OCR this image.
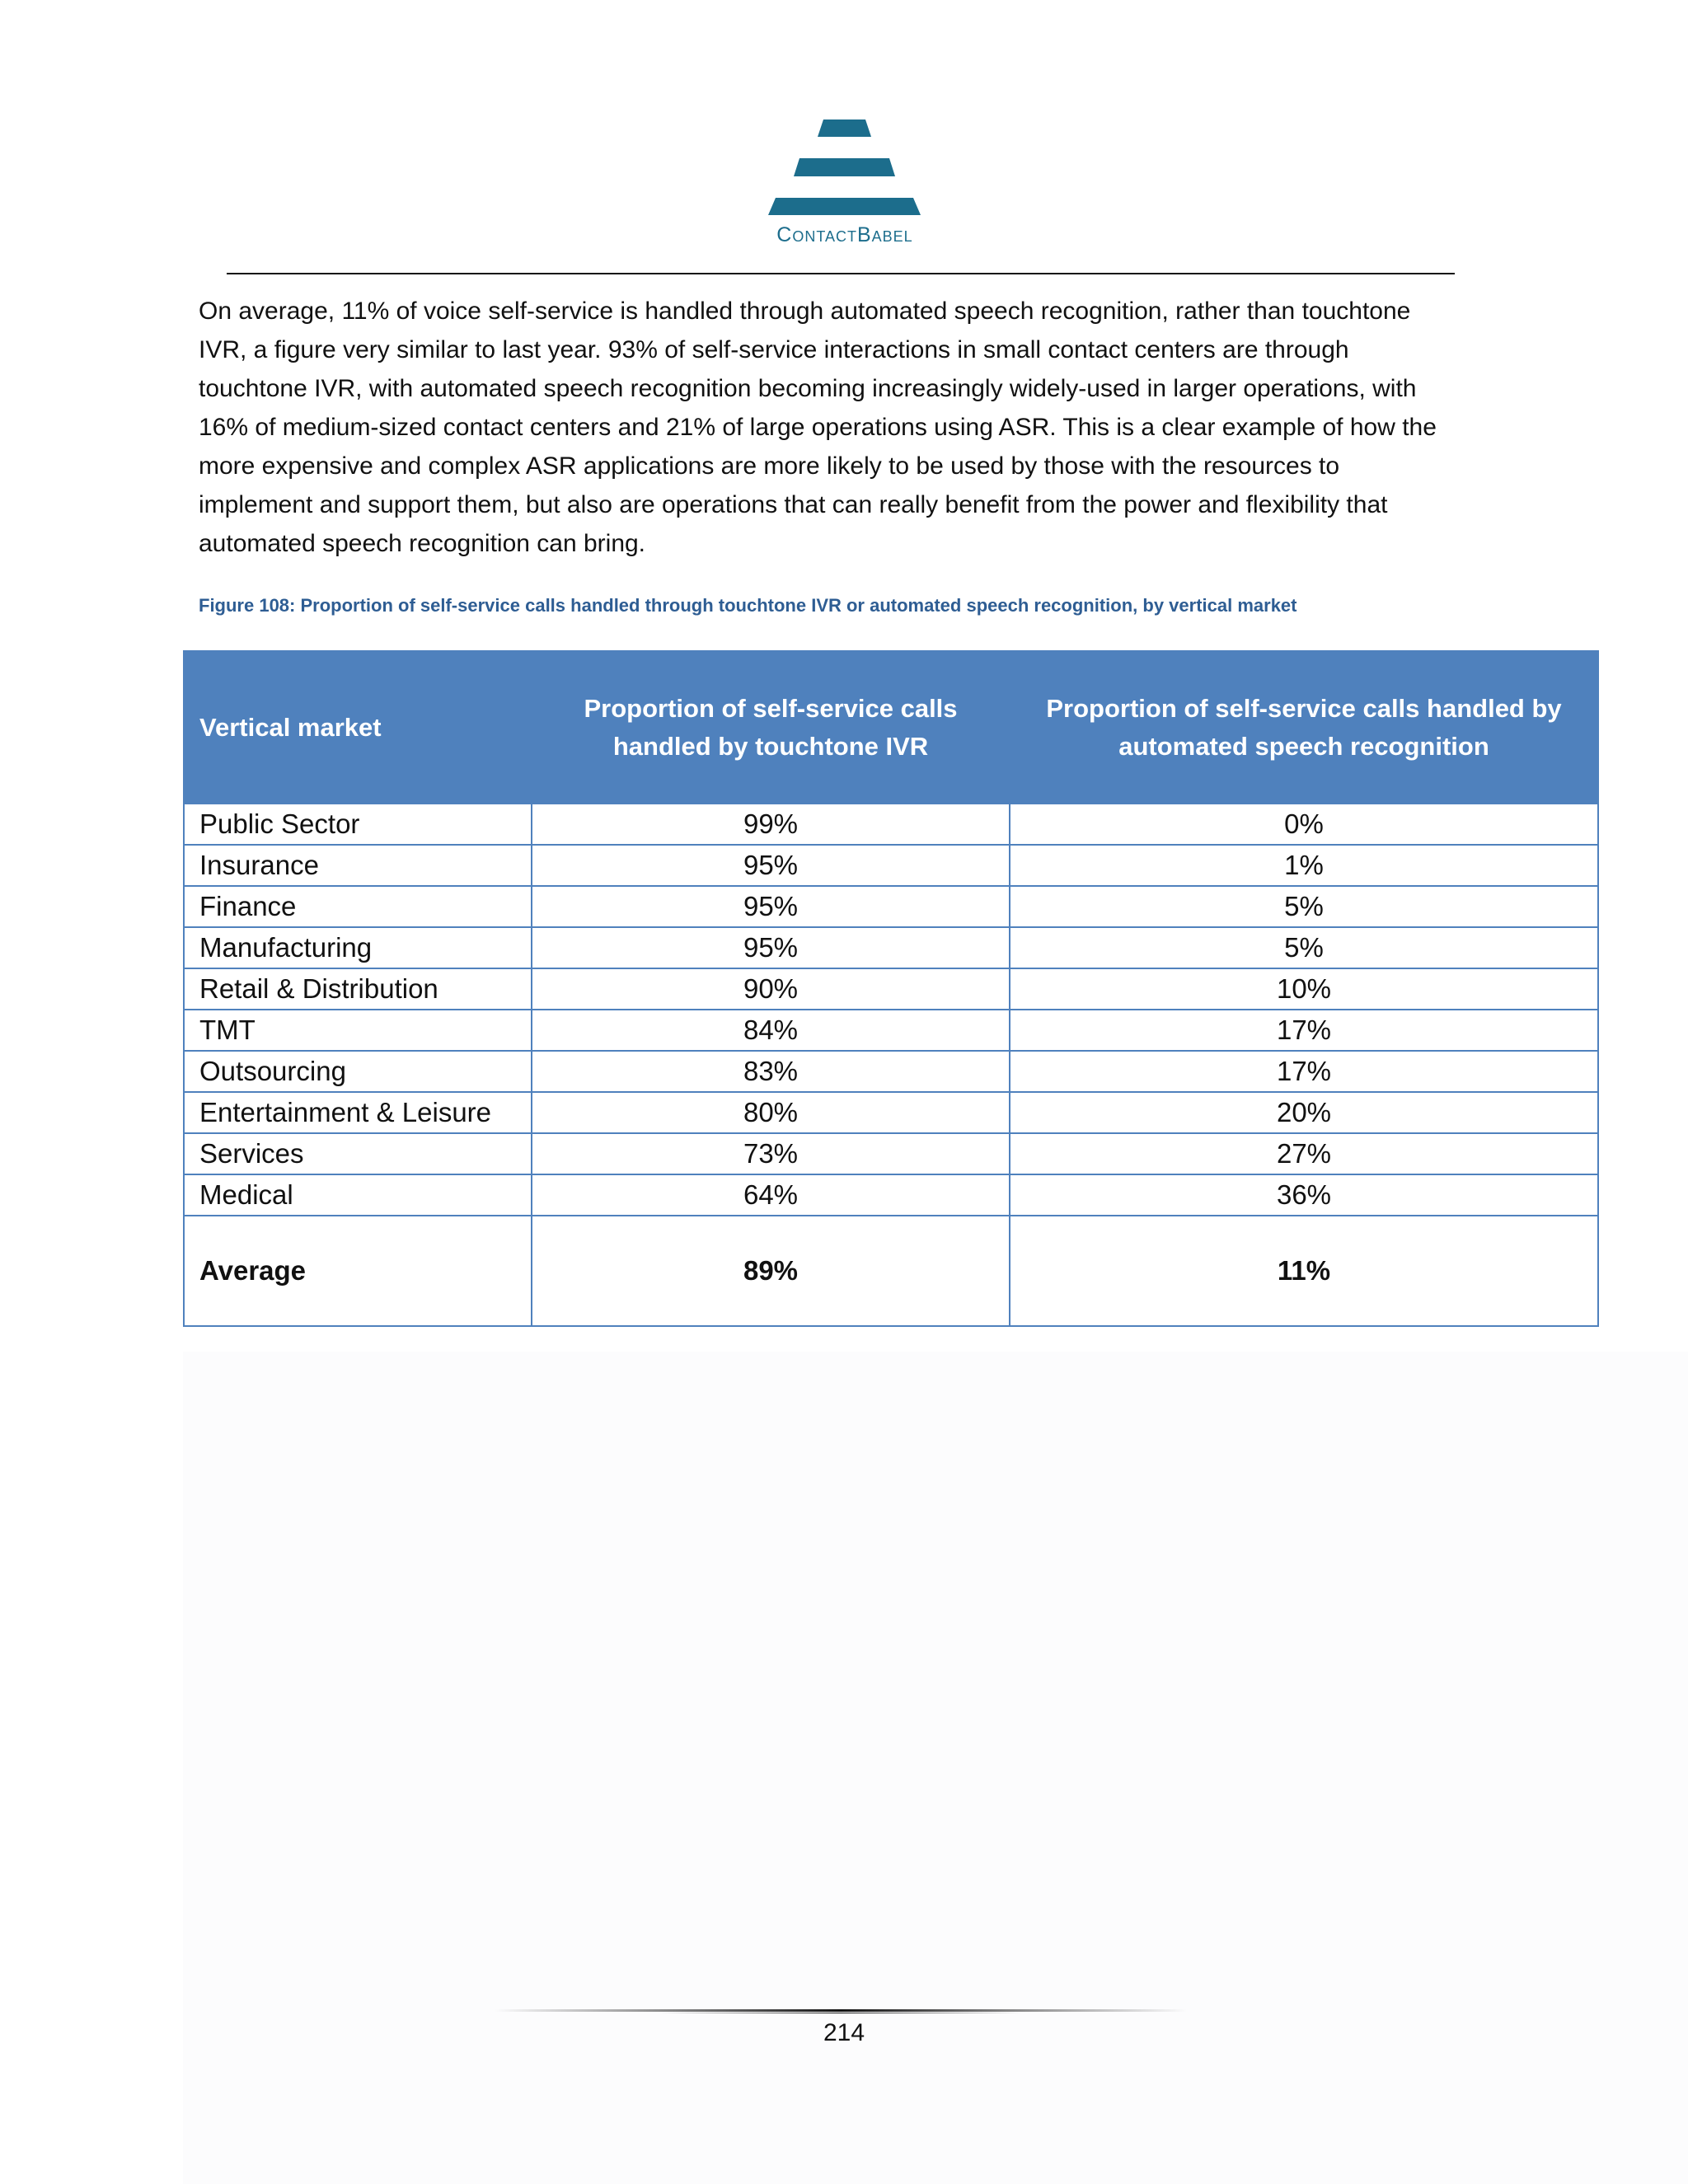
ContactBabel
On average, 11% of voice self-service is handled through automated speech recognition, rather than touchtone IVR, a figure very similar to last year. 93% of self-service interactions in small contact centers are through touchtone IVR, with automated speech recognition becoming increasingly widely-used in larger operations, with 16% of medium-sized contact centers and 21% of large operations using ASR. This is a clear example of how the more expensive and complex ASR applications are more likely to be used by those with the resources to implement and support them, but also are operations that can really benefit from the power and flexibility that automated speech recognition can bring.
Figure 108: Proportion of self-service calls handled through touchtone IVR or automated speech recognition, by vertical market
Vertical market	Proportion of self-service calls handled by touchtone IVR	Proportion of self-service calls handled by automated speech recognition
Public Sector	99%	0%
Insurance	95%	1%
Finance	95%	5%
Manufacturing	95%	5%
Retail & Distribution	90%	10%
TMT	84%	17%
Outsourcing	83%	17%
Entertainment & Leisure	80%	20%
Services	73%	27%
Medical	64%	36%
Average	89%	11%
214
